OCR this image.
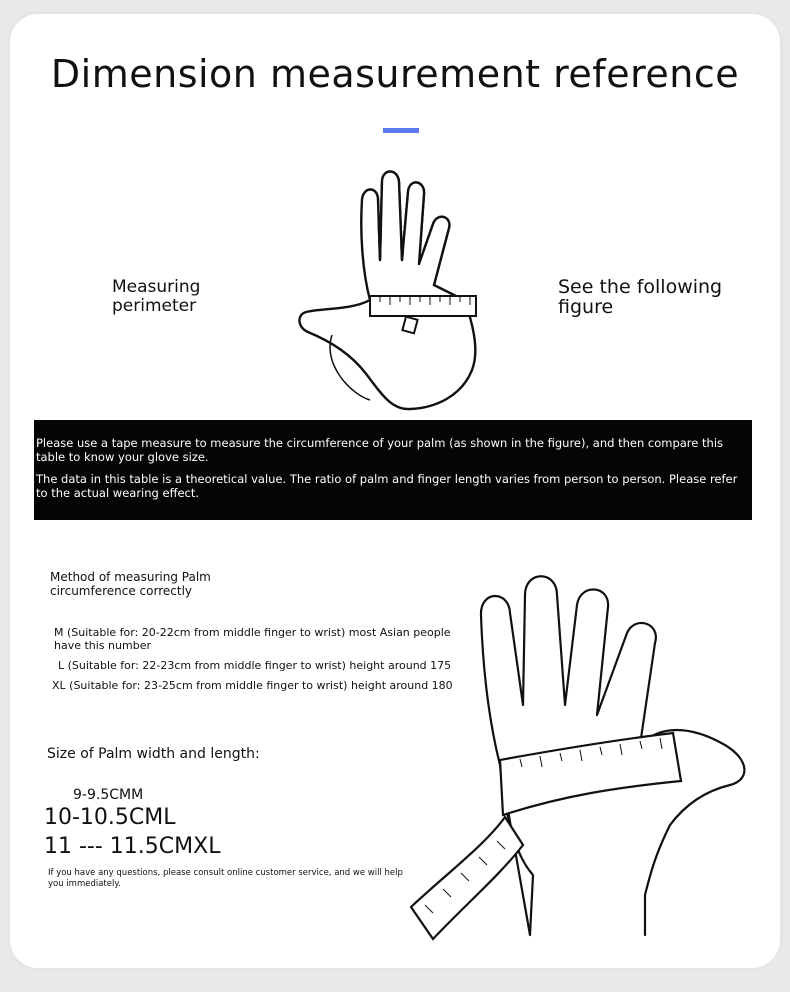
Dimension measurement reference
Measuring
perimeter
See the following
figure

Please use a tape measure to measure the circumference of your palm (as shown in the figure), and then compare this table to know your glove size.

The data in this table is a theoretical value. The ratio of palm and finger length varies from person to person. Please refer to the actual wearing effect.

Method of measuring Palm
circumference correctly
M (Suitable for: 20-22cm from middle finger to wrist) most Asian people have this number
L (Suitable for: 22-23cm from middle finger to wrist) height around 175
XL (Suitable for: 23-25cm from middle finger to wrist) height around 180
Size of Palm width and length:
9-9.5CMM
10-10.5CML
11 --- 11.5CMXL
If you have any questions, please consult online customer service, and we will help you immediately.
